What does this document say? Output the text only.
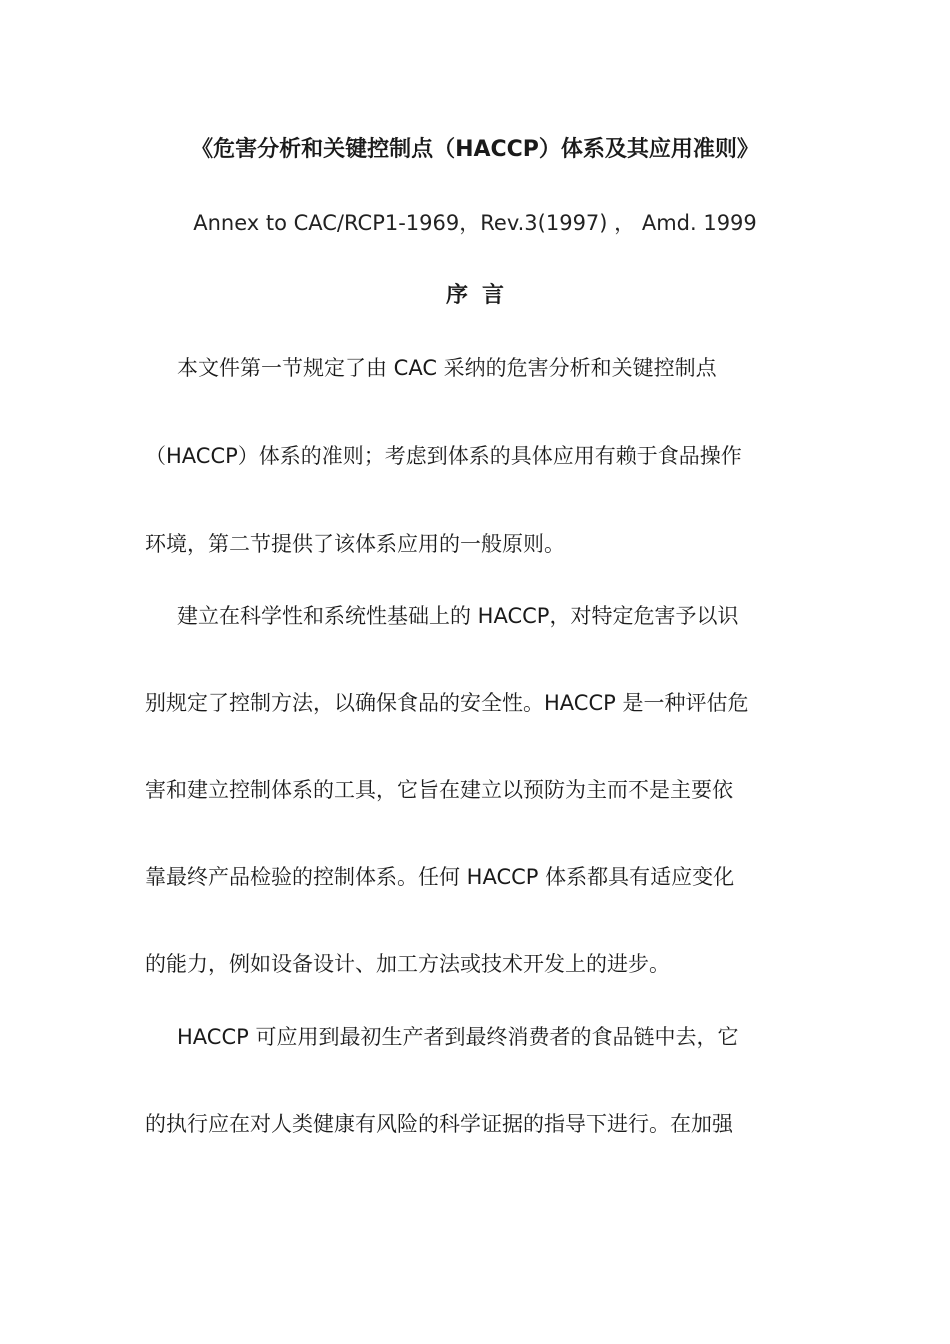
《危害分析和关键控制点（HACCP）体系及其应用准则》
Annex to CAC/RCP1-1969，Rev.3(1997) ， Amd. 1999
序言
本文件第一节规定了由 CAC 采纳的危害分析和关键控制点
（HACCP）体系的准则；考虑到体系的具体应用有赖于食品操作
环境，第二节提供了该体系应用的一般原则。
建立在科学性和系统性基础上的 HACCP，对特定危害予以识
别规定了控制方法，以确保食品的安全性。HACCP 是一种评估危
害和建立控制体系的工具，它旨在建立以预防为主而不是主要依
靠最终产品检验的控制体系。任何 HACCP 体系都具有适应变化
的能力，例如设备设计、加工方法或技术开发上的进步。
HACCP 可应用到最初生产者到最终消费者的食品链中去，它
的执行应在对人类健康有风险的科学证据的指导下进行。在加强
